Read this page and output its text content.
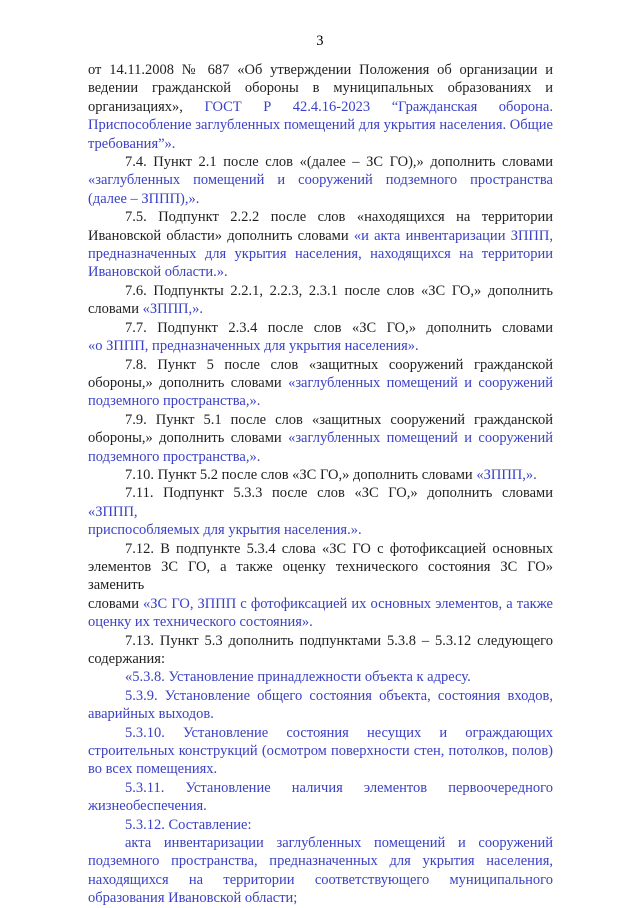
3
от 14.11.2008 № 687 «Об утверждении Положения об организации и
ведении гражданской обороны в муниципальных образованиях и
организациях», ГОСТ Р 42.4.16-2023 “Гражданская оборона.
Приспособление заглубленных помещений для укрытия населения. Общие
требования”».
7.4. Пункт 2.1 после слов «(далее – ЗС ГО),» дополнить словами
«заглубленных помещений и сооружений подземного пространства
(далее – ЗППП),».
7.5. Подпункт 2.2.2 после слов «находящихся на территории
Ивановской области» дополнить словами «и акта инвентаризации ЗППП,
предназначенных для укрытия населения, находящихся на территории
Ивановской области.».
7.6. Подпункты 2.2.1, 2.2.3, 2.3.1 после слов «ЗС ГО,» дополнить
словами «ЗППП,».
7.7. Подпункт 2.3.4 после слов «ЗС ГО,» дополнить словами
«о ЗППП, предназначенных для укрытия населения».
7.8. Пункт 5 после слов «защитных сооружений гражданской
обороны,» дополнить словами «заглубленных помещений и сооружений
подземного пространства,».
7.9. Пункт 5.1 после слов «защитных сооружений гражданской
обороны,» дополнить словами «заглубленных помещений и сооружений
подземного пространства,».
7.10. Пункт 5.2 после слов «ЗС ГО,» дополнить словами «ЗППП,».
7.11. Подпункт 5.3.3 после слов «ЗС ГО,» дополнить словами «ЗППП,
приспособляемых для укрытия населения.».
7.12. В подпункте 5.3.4 слова «ЗС ГО с фотофиксацией основных
элементов ЗС ГО, а также оценку технического состояния ЗС ГО» заменить
словами «ЗС ГО, ЗППП с фотофиксацией их основных элементов, а также
оценку их технического состояния».
7.13. Пункт 5.3 дополнить подпунктами 5.3.8 – 5.3.12 следующего
содержания:
«5.3.8. Установление принадлежности объекта к адресу.
5.3.9. Установление общего состояния объекта, состояния входов,
аварийных выходов.
5.3.10. Установление состояния несущих и ограждающих
строительных конструкций (осмотром поверхности стен, потолков, полов)
во всех помещениях.
5.3.11. Установление наличия элементов первоочередного
жизнеобеспечения.
5.3.12. Составление:
акта инвентаризации заглубленных помещений и сооружений
подземного пространства, предназначенных для укрытия населения,
находящихся на территории соответствующего муниципального
образования Ивановской области;
